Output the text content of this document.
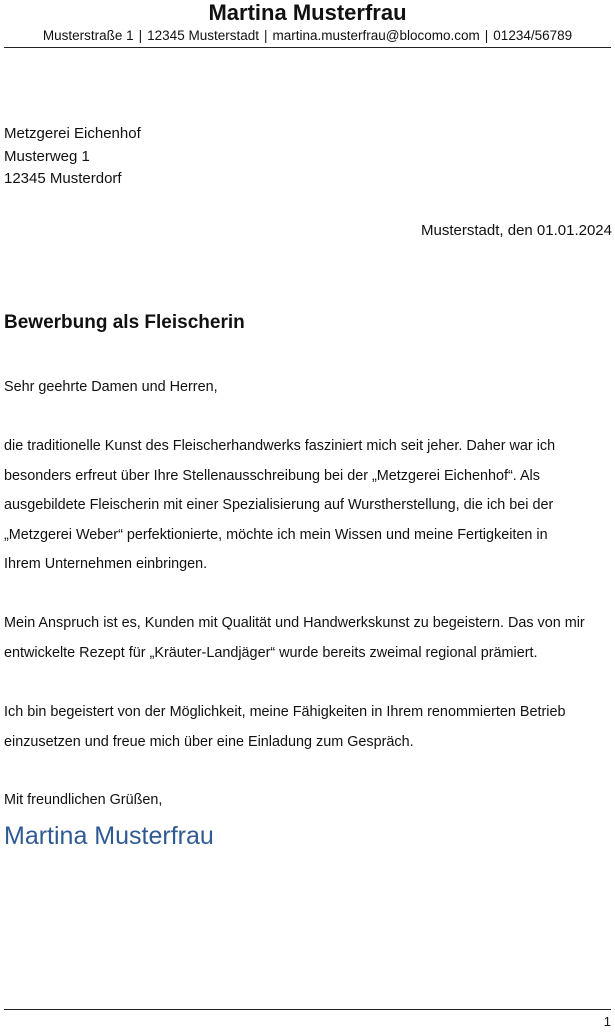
Martina Musterfrau
Musterstraße 1 | 12345 Musterstadt | martina.musterfrau@blocomo.com | 01234/56789
Metzgerei Eichenhof
Musterweg 1
12345 Musterdorf
Musterstadt, den 01.01.2024
Bewerbung als Fleischerin
Sehr geehrte Damen und Herren,
die traditionelle Kunst des Fleischerhandwerks fasziniert mich seit jeher. Daher war ich
besonders erfreut über Ihre Stellenausschreibung bei der „Metzgerei Eichenhof“. Als
ausgebildete Fleischerin mit einer Spezialisierung auf Wurstherstellung, die ich bei der
„Metzgerei Weber“ perfektionierte, möchte ich mein Wissen und meine Fertigkeiten in
Ihrem Unternehmen einbringen.
Mein Anspruch ist es, Kunden mit Qualität und Handwerkskunst zu begeistern. Das von mir
entwickelte Rezept für „Kräuter-Landjäger“ wurde bereits zweimal regional prämiert.
Ich bin begeistert von der Möglichkeit, meine Fähigkeiten in Ihrem renommierten Betrieb
einzusetzen und freue mich über eine Einladung zum Gespräch.
Mit freundlichen Grüßen,
Martina Musterfrau
1
